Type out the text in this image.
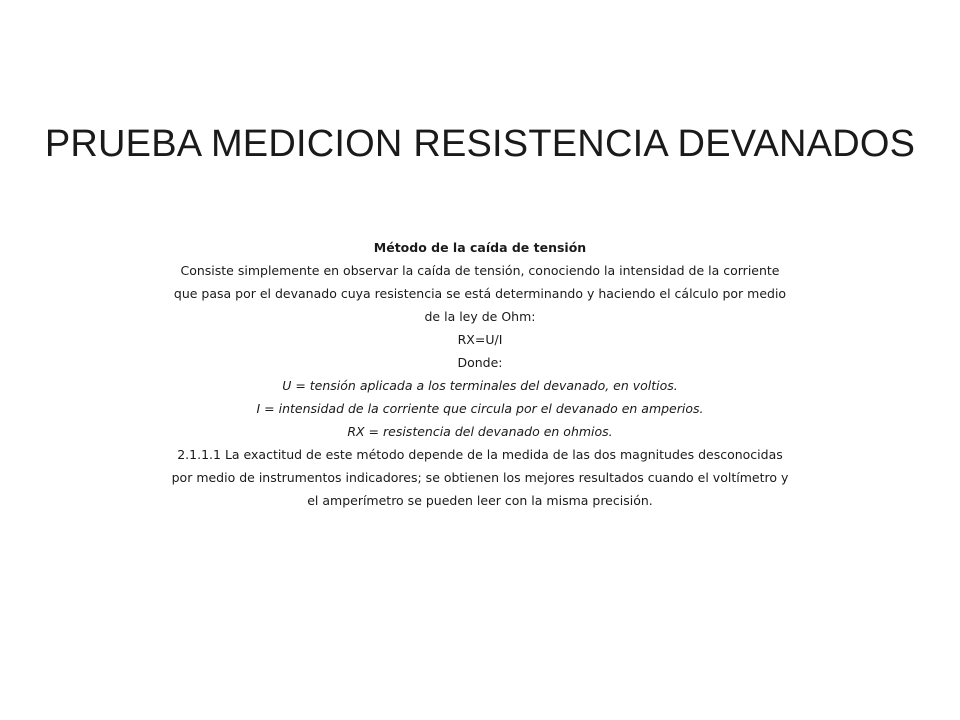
PRUEBA MEDICION RESISTENCIA DEVANADOS
Método de la caída de tensión
Consiste simplemente en observar la caída de tensión, conociendo la intensidad de la corriente
que pasa por el devanado cuya resistencia se está determinando y haciendo el cálculo por medio
de la ley de Ohm:
RX=U/I
Donde:
U = tensión aplicada a los terminales del devanado, en voltios.
I = intensidad de la corriente que circula por el devanado en amperios.
RX = resistencia del devanado en ohmios.
2.1.1.1 La exactitud de este método depende de la medida de las dos magnitudes desconocidas
por medio de instrumentos indicadores; se obtienen los mejores resultados cuando el voltímetro y
el amperímetro se pueden leer con la misma precisión.
